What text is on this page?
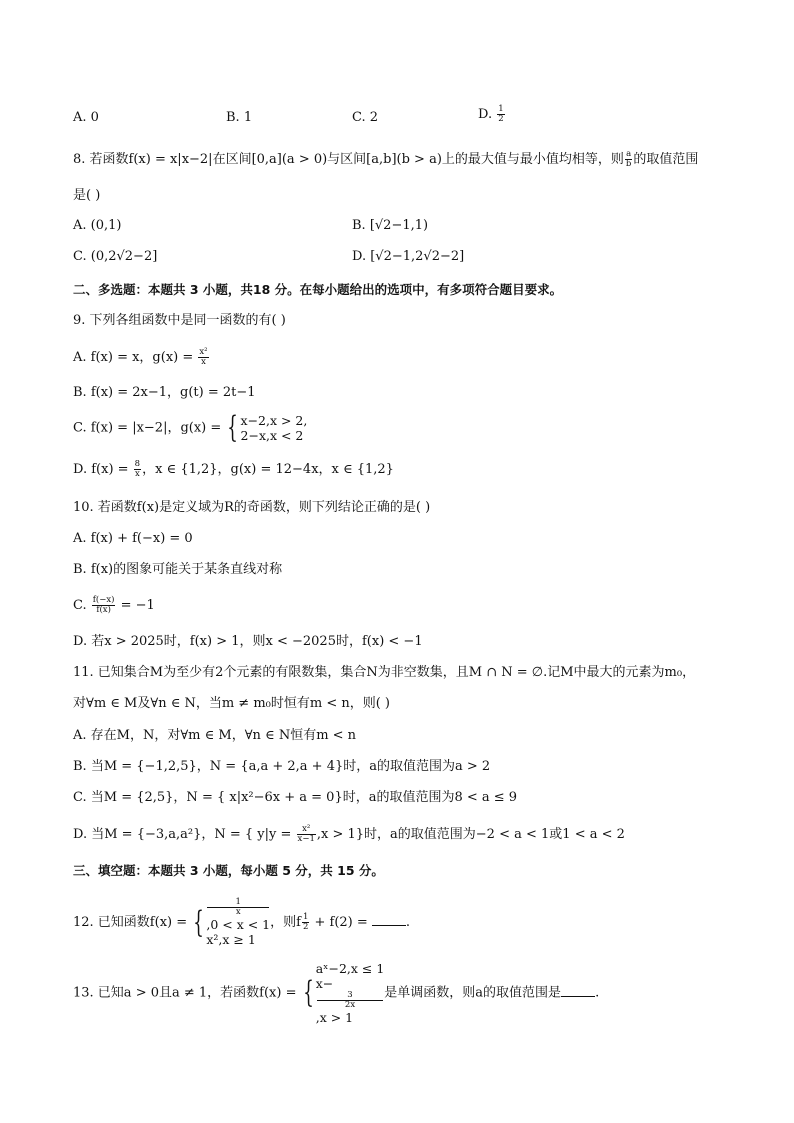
A. 0	B. 1	C. 2	D. $\frac{1}{2}$
8. 若函数f(x) = x|x−2|在区间[0,a](a > 0)与区间[a,b](b > a)上的最大值与最小值均相等，则 $\frac{a}{b}$ 的取值范围
是( )
A. (0,1)	B. [√2−1,1)
C. (0,2√2−2]	D. [√2−1,2√2−2]
二、多选题：本题共 3 小题，共18 分。在每小题给出的选项中，有多项符合题目要求。
9. 下列各组函数中是同一函数的有( )
A. f(x) = x，$g(x) = \frac{\text{x²}}{x}$
B. f(x) = 2x−1，g(t) = 2t−1
C. f(x) = |x−2|，g(x) = { x−2,x > 2,
2−x,x < 2
D. $f(x) = \frac{8}{x}$ ，x ∈ {1,2}，g(x) = 12−4x，x ∈ {1,2}
10. 若函数f(x)是定义域为R的奇函数，则下列结论正确的是( )
A. f(x) + f(−x) = 0
B. f(x)的图象可能关于某条直线对称
C. $\frac{f(-x)}{f(x)} = -1$
D. 若x > 2025时，f(x) > 1，则x < −2025时，f(x) < −1
11. 已知集合M为至少有2个元素的有限数集，集合N为非空数集，且M ∩ N = ∅.记M中最大的元素为m₀，
对∀m ∈ M及∀n ∈ N，当m ≠ m₀时恒有m < n，则( )
A. 存在M，N，对∀m ∈ M，∀n ∈ N恒有m < n
B. 当M = {−1,2,5}，N = {a,a + 2,a + 4}时，a的取值范围为a > 2
C. 当M = {2,5}，N = { x|x²−6x + a = 0}时，a的取值范围为8 < a ≤ 9
D. 当M = {−3,a,a²}，N = { $y|y = \frac{\text{x²}}{x-1} ,x > 1$}时，a的取值范围为−2 < a < 1或1 < a < 2
三、填空题：本题共 3 小题，每小题 5 分，共 15 分。
12. 已知函数f(x) = {
1
x
,0 < x < 1
x²,x ≥ 1
，则f $\frac{1}{2} + f(2)$ =	.
13. 已知a > 0且a ≠ 1，若函数f(x) = {
aˣ−2,x ≤ 1
x−
3
2x
,x > 1
是单调函数，则a的取值范围是	.
